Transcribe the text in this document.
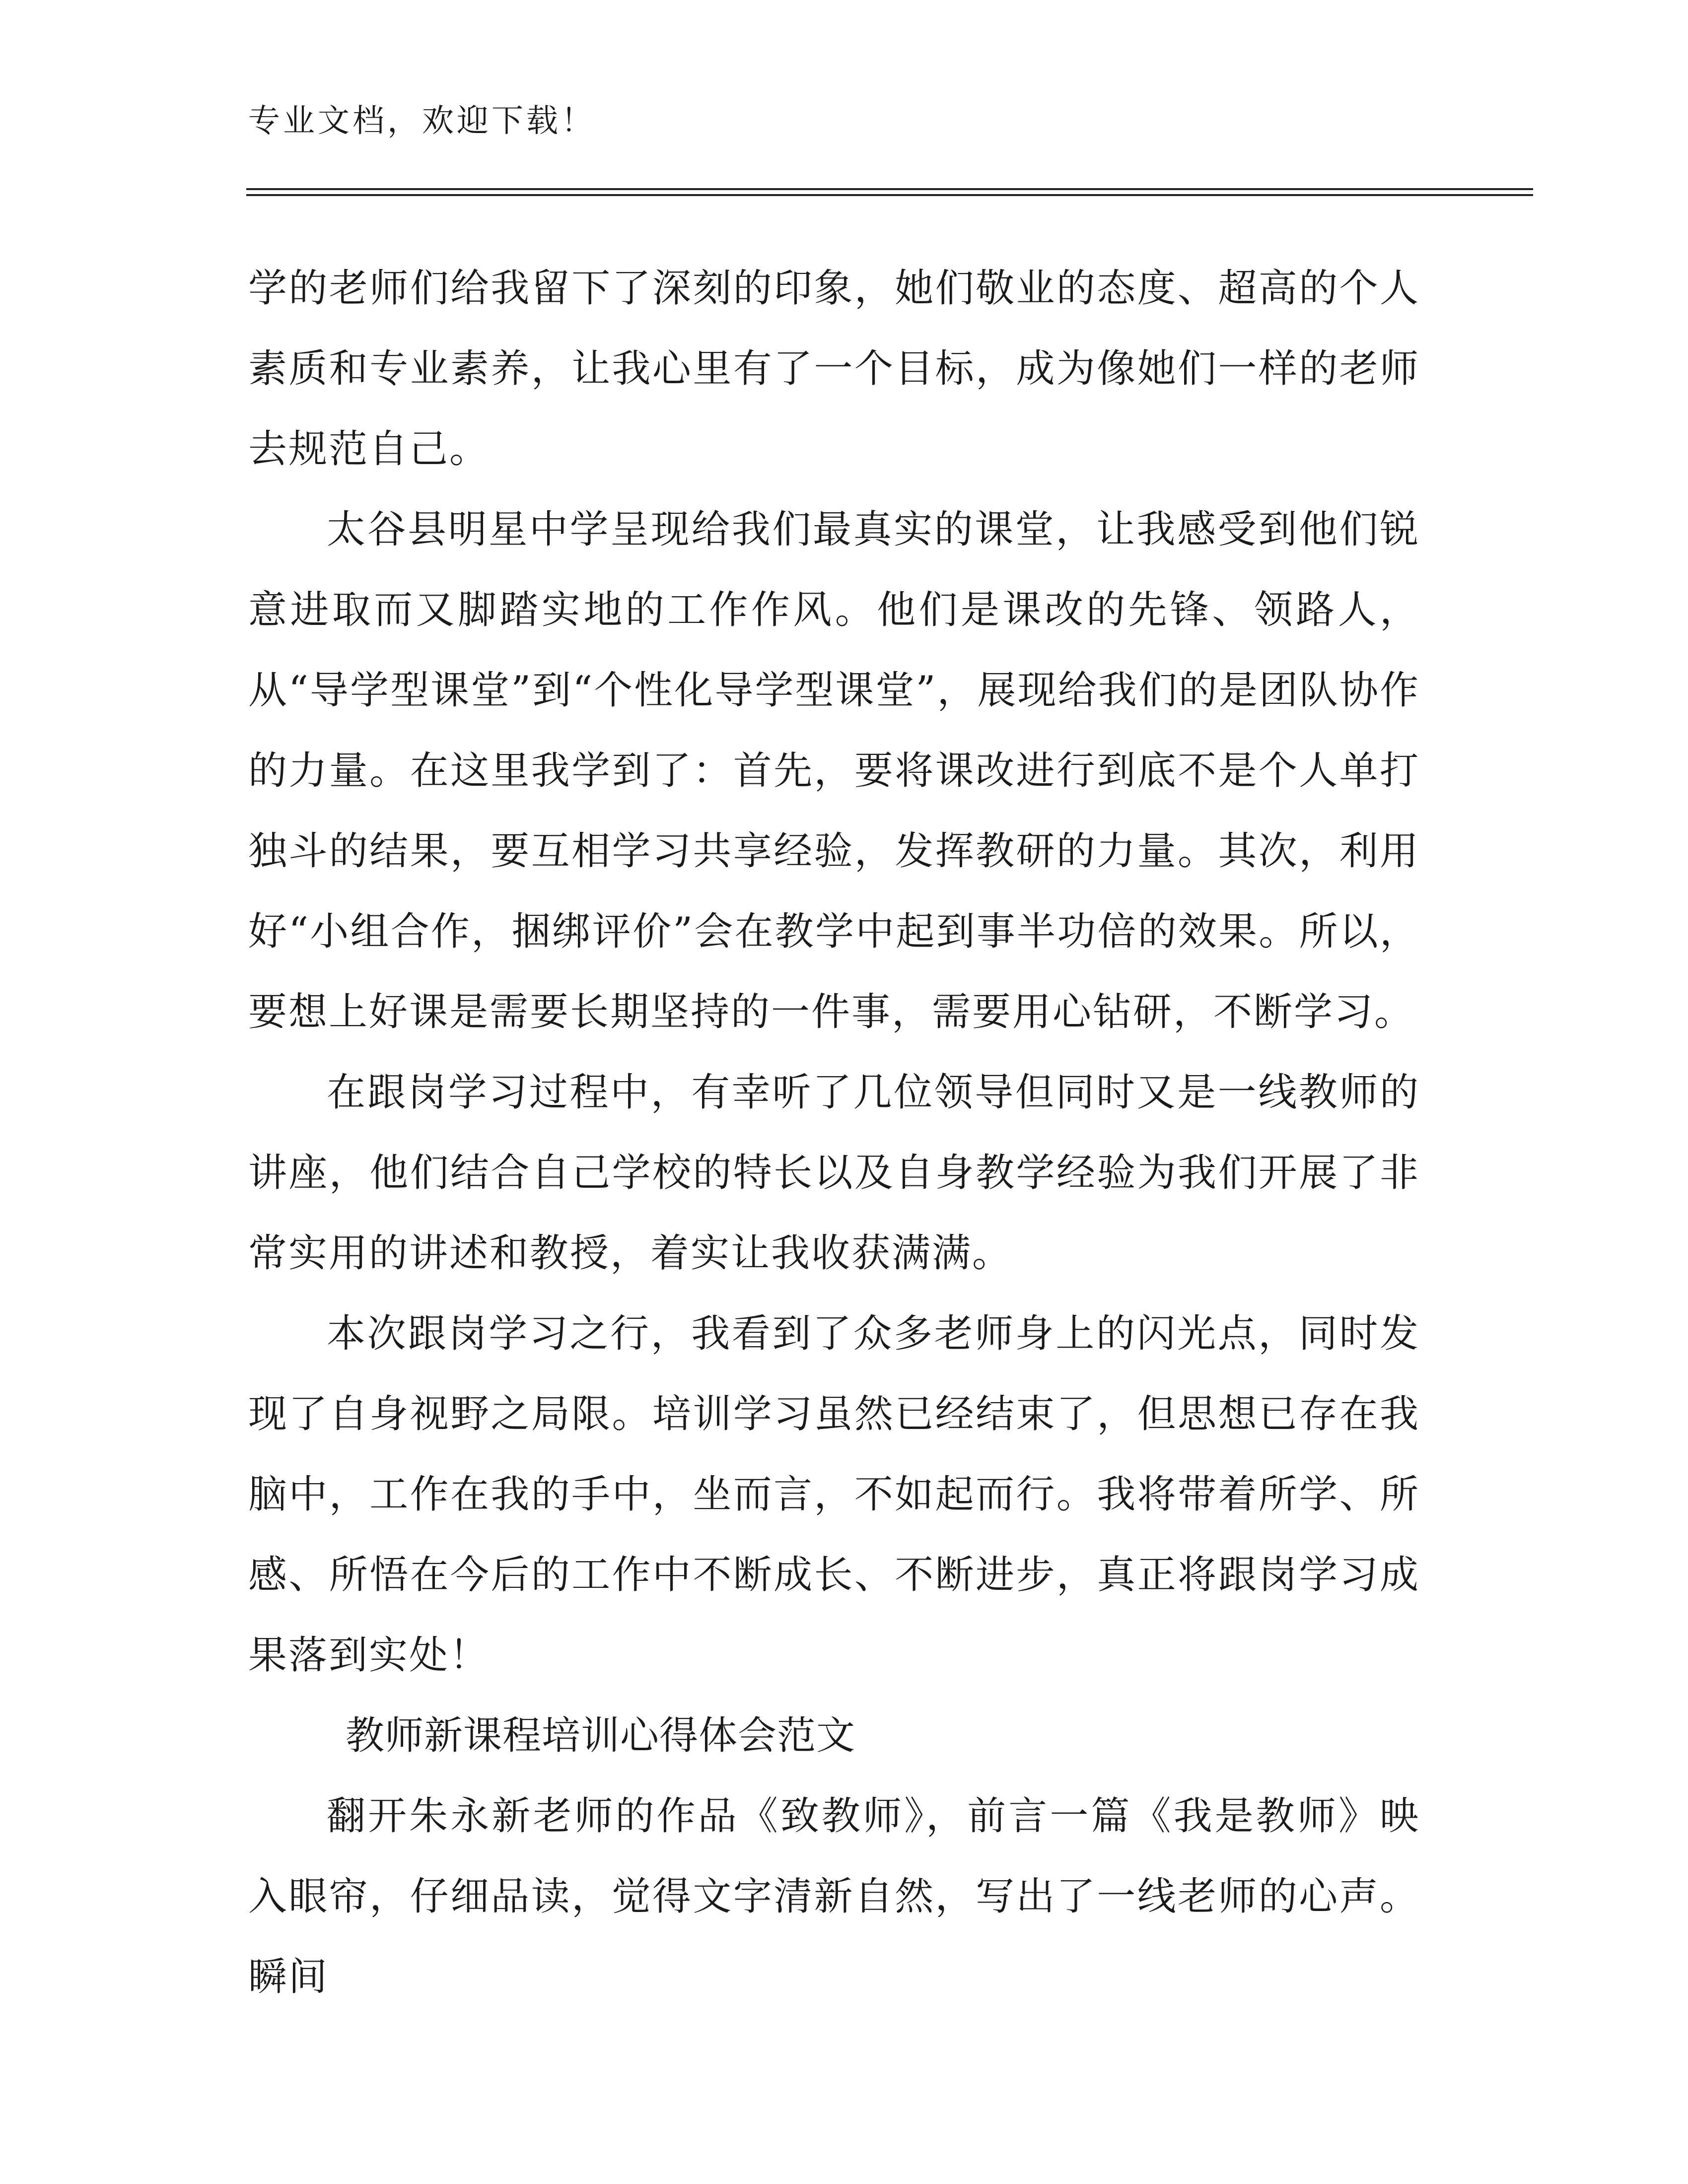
专业文档，欢迎下载！

学的老师们给我留下了深刻的印象，她们敬业的态度、超高的个人素质和专业素养，让我心里有了一个目标，成为像她们一样的老师去规范自己。

太谷县明星中学呈现给我们最真实的课堂，让我感受到他们锐意进取而又脚踏实地的工作作风。他们是课改的先锋、领路人，从“导学型课堂”到“个性化导学型课堂”，展现给我们的是团队协作的力量。在这里我学到了：首先，要将课改进行到底不是个人单打独斗的结果，要互相学习共享经验，发挥教研的力量。其次，利用好“小组合作，捆绑评价”会在教学中起到事半功倍的效果。所以，要想上好课是需要长期坚持的一件事，需要用心钻研，不断学习。

在跟岗学习过程中，有幸听了几位领导但同时又是一线教师的讲座，他们结合自己学校的特长以及自身教学经验为我们开展了非常实用的讲述和教授，着实让我收获满满。

本次跟岗学习之行，我看到了众多老师身上的闪光点，同时发现了自身视野之局限。培训学习虽然已经结束了，但思想已存在我脑中，工作在我的手中，坐而言，不如起而行。我将带着所学、所感、所悟在今后的工作中不断成长、不断进步，真正将跟岗学习成果落到实处！

教师新课程培训心得体会范文

翻开朱永新老师的作品《致教师》，前言一篇《我是教师》映入眼帘，仔细品读，觉得文字清新自然，写出了一线老师的心声。瞬间
